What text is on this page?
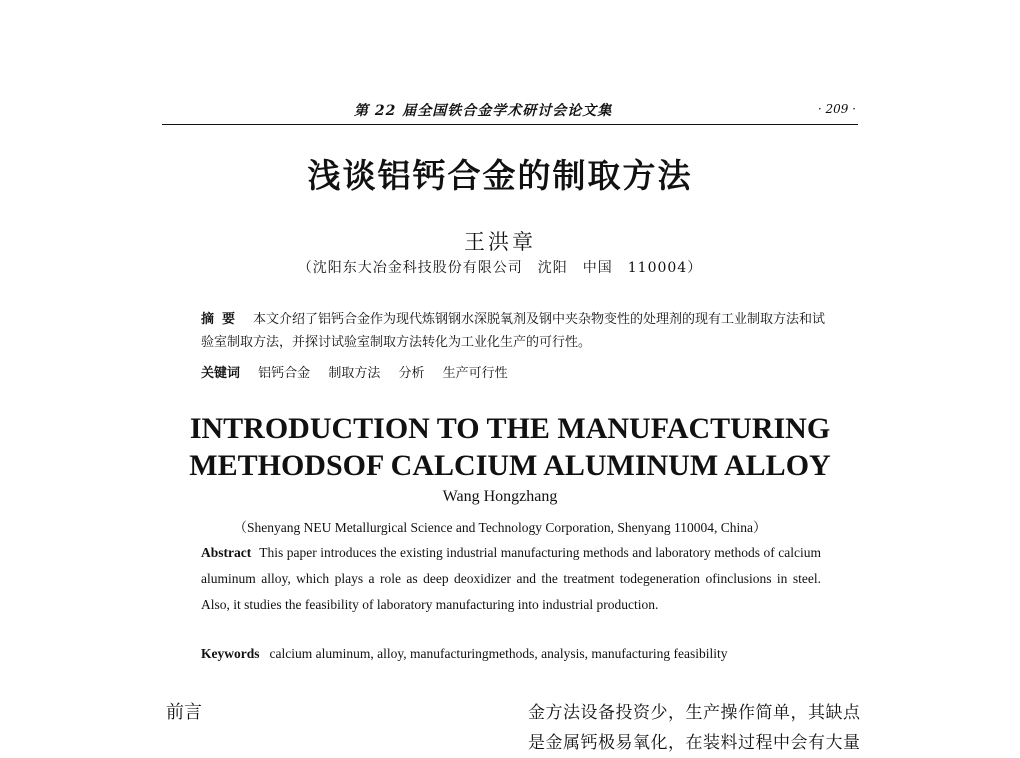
第 22 届全国铁合金学术研讨会论文集	· 209 ·
浅谈铝钙合金的制取方法
王洪章
（沈阳东大冶金科技股份有限公司　沈阳　中国　110004）
摘要 本文介绍了铝钙合金作为现代炼钢钢水深脱氧剂及钢中夹杂物变性的处理剂的现有工业制取方法和试验室制取方法，并探讨试验室制取方法转化为工业化生产的可行性。
关键词 铝钙合金 制取方法 分析 生产可行性
INTRODUCTION TO THE MANUFACTURING
METHODSOF CALCIUM ALUMINUM ALLOY
Wang Hongzhang
（Shenyang NEU Metallurgical Science and Technology Corporation, Shenyang 110004, China）
Abstract This paper introduces the existing industrial manufacturing methods and laboratory methods of calcium aluminum alloy, which plays a role as deep deoxidizer and the treatment todegeneration ofinclusions in steel. Also, it studies the feasibility of laboratory manufacturing into industrial production.
Keywords calcium aluminum, alloy, manufacturingmethods, analysis, manufacturing feasibility
前言	金方法设备投资少，生产操作简单，其缺点是金属钙极易氧化，在装料过程中会有大量
